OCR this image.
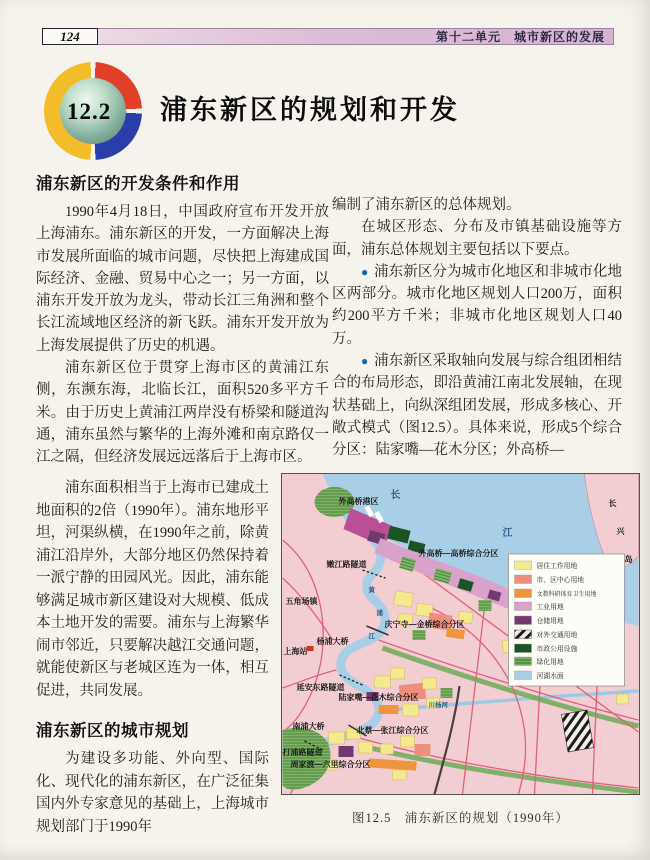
124	第十二单元　城市新区的发展
12.2	浦东新区的规划和开发
浦东新区的开发条件和作用

1990年4月18日，中国政府宣布开发开放上海浦东。浦东新区的开发，一方面解决上海市发展所面临的城市问题，尽快把上海建成国际经济、金融、贸易中心之一；另一方面，以浦东开发开放为龙头，带动长江三角洲和整个长江流域地区经济的新飞跃。浦东开发开放为上海发展提供了历史的机遇。

浦东新区位于贯穿上海市区的黄浦江东侧，东濒东海，北临长江，面积520多平方千米。由于历史上黄浦江两岸没有桥梁和隧道沟通，浦东虽然与繁华的上海外滩和南京路仅一江之隔，但经济发展远远落后于上海市区。

编制了浦东新区的总体规划。

在城区形态、分布及市镇基础设施等方面，浦东总体规划主要包括以下要点。

● 浦东新区分为城市化地区和非城市化地区两部分。城市化地区规划人口200万，面积约200平方千米；非城市化地区规划人口40万。

● 浦东新区采取轴向发展与综合组团相结合的布局形态，即沿黄浦江南北发展轴，在现状基础上，向纵深组团发展，形成多核心、开敞式模式（图12.5）。具体来说，形成5个综合分区：陆家嘴—花木分区；外高桥—

浦东面积相当于上海市已建成土地面积的2倍（1990年）。浦东地形平坦，河渠纵横，在1990年之前，除黄浦江沿岸外，大部分地区仍然保持着一派宁静的田园风光。因此，浦东能够满足城市新区建设对大规模、低成本土地开发的需要。浦东与上海繁华闹市邻近，只要解决越江交通问题，就能使新区与老城区连为一体，相互促进，共同发展。

浦东新区的城市规划

为建设多功能、外向型、国际化、现代化的浦东新区，在广泛征集国内外专家意见的基础上，上海城市规划部门于1990年

居住工作用地
市、区中心用地
文教科研体育卫生用地
工业用地
仓储用地
对外交通用地
市政公用设施
绿化用地
河湖水面
长
江
长
兴
岛
外高桥港区
外高桥—高桥综合分区
嫩江路隧道
五角场镇
庆宁寺—金桥综合分区
上海站
杨浦大桥
延安东路隧道
陆家嘴—花木综合分区
南浦大桥	北蔡—张江综合分区
打浦路隧道
周家渡—六里综合分区
黄
浦
江
川杨河
图12.5　浦东新区的规划（1990年）
